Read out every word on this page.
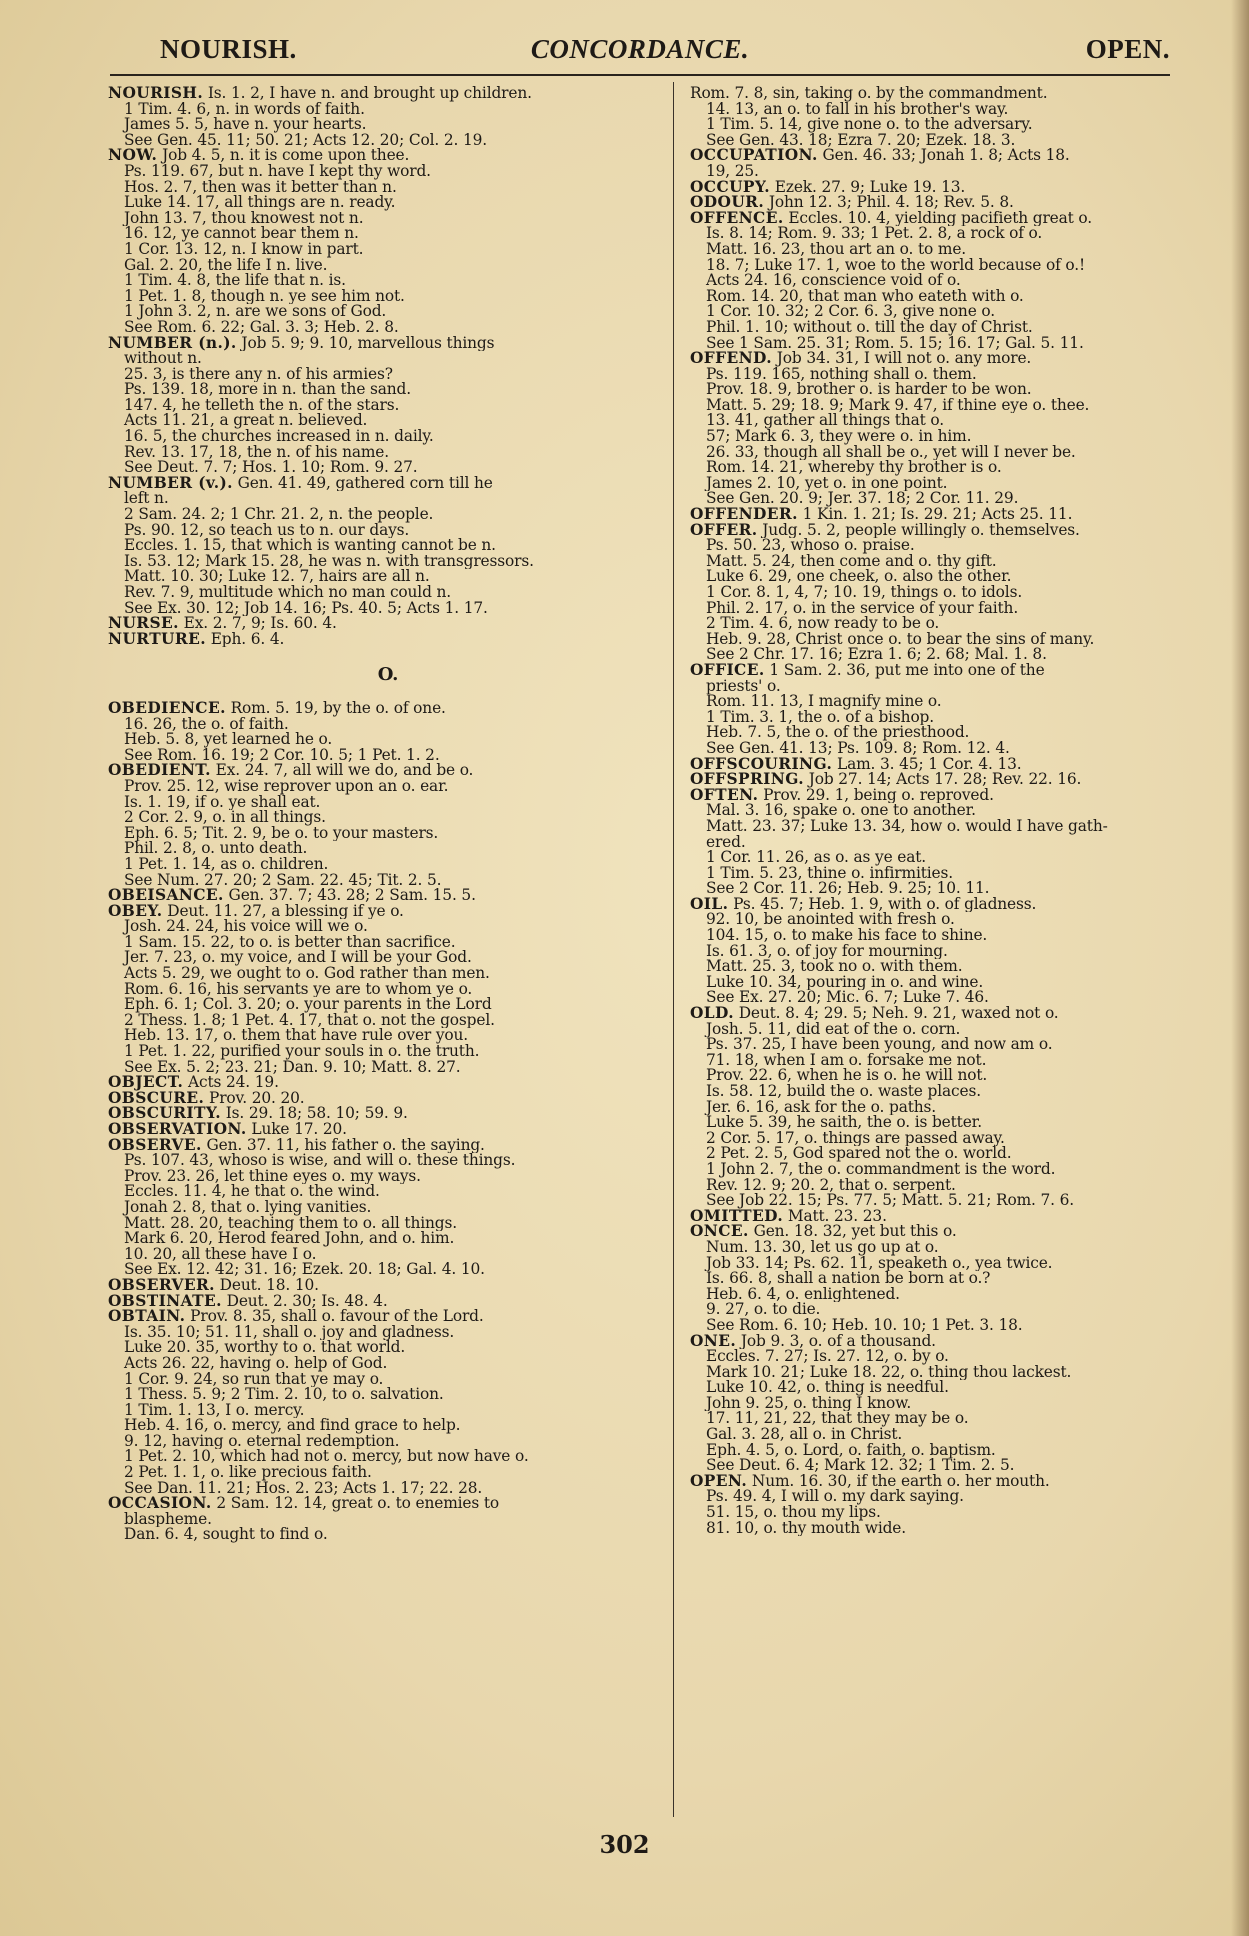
CONCORDANCE.
NOURISH.	OPEN.
NOURISH. Is. 1. 2, I have n. and brought up children.
1 Tim. 4. 6, n. in words of faith.
James 5. 5, have n. your hearts.
See Gen. 45. 11; 50. 21; Acts 12. 20; Col. 2. 19.
NOW. Job 4. 5, n. it is come upon thee.
Ps. 119. 67, but n. have I kept thy word.
Hos. 2. 7, then was it better than n.
Luke 14. 17, all things are n. ready.
John 13. 7, thou knowest not n.
16. 12, ye cannot bear them n.
1 Cor. 13. 12, n. I know in part.
Gal. 2. 20, the life I n. live.
1 Tim. 4. 8, the life that n. is.
1 Pet. 1. 8, though n. ye see him not.
1 John 3. 2, n. are we sons of God.
See Rom. 6. 22; Gal. 3. 3; Heb. 2. 8.
NUMBER (n.). Job 5. 9; 9. 10, marvellous things
without n.
25. 3, is there any n. of his armies?
Ps. 139. 18, more in n. than the sand.
147. 4, he telleth the n. of the stars.
Acts 11. 21, a great n. believed.
16. 5, the churches increased in n. daily.
Rev. 13. 17, 18, the n. of his name.
See Deut. 7. 7; Hos. 1. 10; Rom. 9. 27.
NUMBER (v.). Gen. 41. 49, gathered corn till he
left n.
2 Sam. 24. 2; 1 Chr. 21. 2, n. the people.
Ps. 90. 12, so teach us to n. our days.
Eccles. 1. 15, that which is wanting cannot be n.
Is. 53. 12; Mark 15. 28, he was n. with transgressors.
Matt. 10. 30; Luke 12. 7, hairs are all n.
Rev. 7. 9, multitude which no man could n.
See Ex. 30. 12; Job 14. 16; Ps. 40. 5; Acts 1. 17.
NURSE. Ex. 2. 7, 9; Is. 60. 4.
NURTURE. Eph. 6. 4.
O.
OBEDIENCE. Rom. 5. 19, by the o. of one.
16. 26, the o. of faith.
Heb. 5. 8, yet learned he o.
See Rom. 16. 19; 2 Cor. 10. 5; 1 Pet. 1. 2.
OBEDIENT. Ex. 24. 7, all will we do, and be o.
Prov. 25. 12, wise reprover upon an o. ear.
Is. 1. 19, if o. ye shall eat.
2 Cor. 2. 9, o. in all things.
Eph. 6. 5; Tit. 2. 9, be o. to your masters.
Phil. 2. 8, o. unto death.
1 Pet. 1. 14, as o. children.
See Num. 27. 20; 2 Sam. 22. 45; Tit. 2. 5.
OBEISANCE. Gen. 37. 7; 43. 28; 2 Sam. 15. 5.
OBEY. Deut. 11. 27, a blessing if ye o.
Josh. 24. 24, his voice will we o.
1 Sam. 15. 22, to o. is better than sacrifice.
Jer. 7. 23, o. my voice, and I will be your God.
Acts 5. 29, we ought to o. God rather than men.
Rom. 6. 16, his servants ye are to whom ye o.
Eph. 6. 1; Col. 3. 20; o. your parents in the Lord
2 Thess. 1. 8; 1 Pet. 4. 17, that o. not the gospel.
Heb. 13. 17, o. them that have rule over you.
1 Pet. 1. 22, purified your souls in o. the truth.
See Ex. 5. 2; 23. 21; Dan. 9. 10; Matt. 8. 27.
OBJECT. Acts 24. 19.
OBSCURE. Prov. 20. 20.
OBSCURITY. Is. 29. 18; 58. 10; 59. 9.
OBSERVATION. Luke 17. 20.
OBSERVE. Gen. 37. 11, his father o. the saying.
Ps. 107. 43, whoso is wise, and will o. these things.
Prov. 23. 26, let thine eyes o. my ways.
Eccles. 11. 4, he that o. the wind.
Jonah 2. 8, that o. lying vanities.
Matt. 28. 20, teaching them to o. all things.
Mark 6. 20, Herod feared John, and o. him.
10. 20, all these have I o.
See Ex. 12. 42; 31. 16; Ezek. 20. 18; Gal. 4. 10.
OBSERVER. Deut. 18. 10.
OBSTINATE. Deut. 2. 30; Is. 48. 4.
OBTAIN. Prov. 8. 35, shall o. favour of the Lord.
Is. 35. 10; 51. 11, shall o. joy and gladness.
Luke 20. 35, worthy to o. that world.
Acts 26. 22, having o. help of God.
1 Cor. 9. 24, so run that ye may o.
1 Thess. 5. 9; 2 Tim. 2. 10, to o. salvation.
1 Tim. 1. 13, I o. mercy.
Heb. 4. 16, o. mercy, and find grace to help.
9. 12, having o. eternal redemption.
1 Pet. 2. 10, which had not o. mercy, but now have o.
2 Pet. 1. 1, o. like precious faith.
See Dan. 11. 21; Hos. 2. 23; Acts 1. 17; 22. 28.
OCCASION. 2 Sam. 12. 14, great o. to enemies to
blaspheme.
Dan. 6. 4, sought to find o.
Rom. 7. 8, sin, taking o. by the commandment.
14. 13, an o. to fall in his brother's way.
1 Tim. 5. 14, give none o. to the adversary.
See Gen. 43. 18; Ezra 7. 20; Ezek. 18. 3.
OCCUPATION. Gen. 46. 33; Jonah 1. 8; Acts 18.
19, 25.
OCCUPY. Ezek. 27. 9; Luke 19. 13.
ODOUR. John 12. 3; Phil. 4. 18; Rev. 5. 8.
OFFENCE. Eccles. 10. 4, yielding pacifieth great o.
Is. 8. 14; Rom. 9. 33; 1 Pet. 2. 8, a rock of o.
Matt. 16. 23, thou art an o. to me.
18. 7; Luke 17. 1, woe to the world because of o.!
Acts 24. 16, conscience void of o.
Rom. 14. 20, that man who eateth with o.
1 Cor. 10. 32; 2 Cor. 6. 3, give none o.
Phil. 1. 10; without o. till the day of Christ.
See 1 Sam. 25. 31; Rom. 5. 15; 16. 17; Gal. 5. 11.
OFFEND. Job 34. 31, I will not o. any more.
Ps. 119. 165, nothing shall o. them.
Prov. 18. 9, brother o. is harder to be won.
Matt. 5. 29; 18. 9; Mark 9. 47, if thine eye o. thee.
13. 41, gather all things that o.
57; Mark 6. 3, they were o. in him.
26. 33, though all shall be o., yet will I never be.
Rom. 14. 21, whereby thy brother is o.
James 2. 10, yet o. in one point.
See Gen. 20. 9; Jer. 37. 18; 2 Cor. 11. 29.
OFFENDER. 1 Kin. 1. 21; Is. 29. 21; Acts 25. 11.
OFFER. Judg. 5. 2, people willingly o. themselves.
Ps. 50. 23, whoso o. praise.
Matt. 5. 24, then come and o. thy gift.
Luke 6. 29, one cheek, o. also the other.
1 Cor. 8. 1, 4, 7; 10. 19, things o. to idols.
Phil. 2. 17, o. in the service of your faith.
2 Tim. 4. 6, now ready to be o.
Heb. 9. 28, Christ once o. to bear the sins of many.
See 2 Chr. 17. 16; Ezra 1. 6; 2. 68; Mal. 1. 8.
OFFICE. 1 Sam. 2. 36, put me into one of the
priests' o.
Rom. 11. 13, I magnify mine o.
1 Tim. 3. 1, the o. of a bishop.
Heb. 7. 5, the o. of the priesthood.
See Gen. 41. 13; Ps. 109. 8; Rom. 12. 4.
OFFSCOURING. Lam. 3. 45; 1 Cor. 4. 13.
OFFSPRING. Job 27. 14; Acts 17. 28; Rev. 22. 16.
OFTEN. Prov. 29. 1, being o. reproved.
Mal. 3. 16, spake o. one to another.
Matt. 23. 37; Luke 13. 34, how o. would I have gath-
ered.
1 Cor. 11. 26, as o. as ye eat.
1 Tim. 5. 23, thine o. infirmities.
See 2 Cor. 11. 26; Heb. 9. 25; 10. 11.
OIL. Ps. 45. 7; Heb. 1. 9, with o. of gladness.
92. 10, be anointed with fresh o.
104. 15, o. to make his face to shine.
Is. 61. 3, o. of joy for mourning.
Matt. 25. 3, took no o. with them.
Luke 10. 34, pouring in o. and wine.
See Ex. 27. 20; Mic. 6. 7; Luke 7. 46.
OLD. Deut. 8. 4; 29. 5; Neh. 9. 21, waxed not o.
Josh. 5. 11, did eat of the o. corn.
Ps. 37. 25, I have been young, and now am o.
71. 18, when I am o. forsake me not.
Prov. 22. 6, when he is o. he will not.
Is. 58. 12, build the o. waste places.
Jer. 6. 16, ask for the o. paths.
Luke 5. 39, he saith, the o. is better.
2 Cor. 5. 17, o. things are passed away.
2 Pet. 2. 5, God spared not the o. world.
1 John 2. 7, the o. commandment is the word.
Rev. 12. 9; 20. 2, that o. serpent.
See Job 22. 15; Ps. 77. 5; Matt. 5. 21; Rom. 7. 6.
OMITTED. Matt. 23. 23.
ONCE. Gen. 18. 32, yet but this o.
Num. 13. 30, let us go up at o.
Job 33. 14; Ps. 62. 11, speaketh o., yea twice.
Is. 66. 8, shall a nation be born at o.?
Heb. 6. 4, o. enlightened.
9. 27, o. to die.
See Rom. 6. 10; Heb. 10. 10; 1 Pet. 3. 18.
ONE. Job 9. 3, o. of a thousand.
Eccles. 7. 27; Is. 27. 12, o. by o.
Mark 10. 21; Luke 18. 22, o. thing thou lackest.
Luke 10. 42, o. thing is needful.
John 9. 25, o. thing I know.
17. 11, 21, 22, that they may be o.
Gal. 3. 28, all o. in Christ.
Eph. 4. 5, o. Lord, o. faith, o. baptism.
See Deut. 6. 4; Mark 12. 32; 1 Tim. 2. 5.
OPEN. Num. 16. 30, if the earth o. her mouth.
Ps. 49. 4, I will o. my dark saying.
51. 15, o. thou my lips.
81. 10, o. thy mouth wide.
302
